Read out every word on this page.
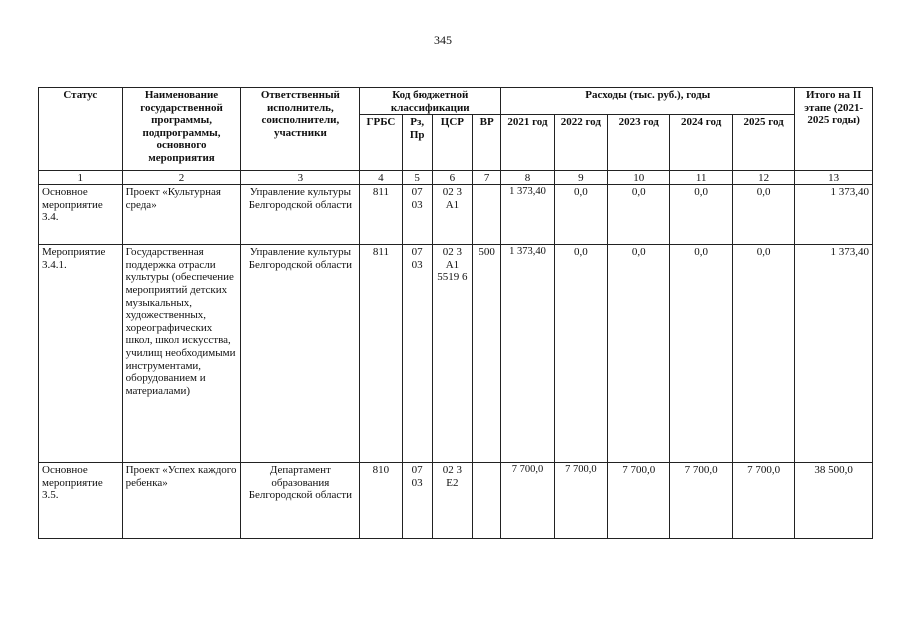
345
Статус	Наименование государственной программы, подпрограммы, основного мероприятия	Ответственный исполнитель, соисполнители, участники	Код бюджетной классификации				Расходы (тыс. руб.), годы					Итого на II этапе (2021-2025 годы)
			ГРБС	Рз, Пр	ЦСР	ВР	2021 год	2022 год	2023 год	2024 год	2025 год	
1	2	3	4	5	6	7	8	9	10	11	12	13
Основное мероприятие 3.4.	Проект «Культурная среда»	Управление культуры Белгородской области	811	07 03	02 3 A1		1 373,40	0,0	0,0	0,0	0,0	1 373,40
Мероприятие 3.4.1.	Государственная поддержка отрасли культуры (обеспечение мероприятий детских музыкальных, художественных, хореографических школ, школ искусства, училищ необходимыми инструментами, оборудованием и материалами)	Управление культуры Белгородской области	811	07 03	02 3 A1 5519 6	500	1 373,40	0,0	0,0	0,0	0,0	1 373,40
Основное мероприятие 3.5.	Проект «Успех каждого ребенка»	Департамент образования Белгородской области	810	07 03	02 3 E2		7 700,0	7 700,0	7 700,0	7 700,0	7 700,0	38 500,0
